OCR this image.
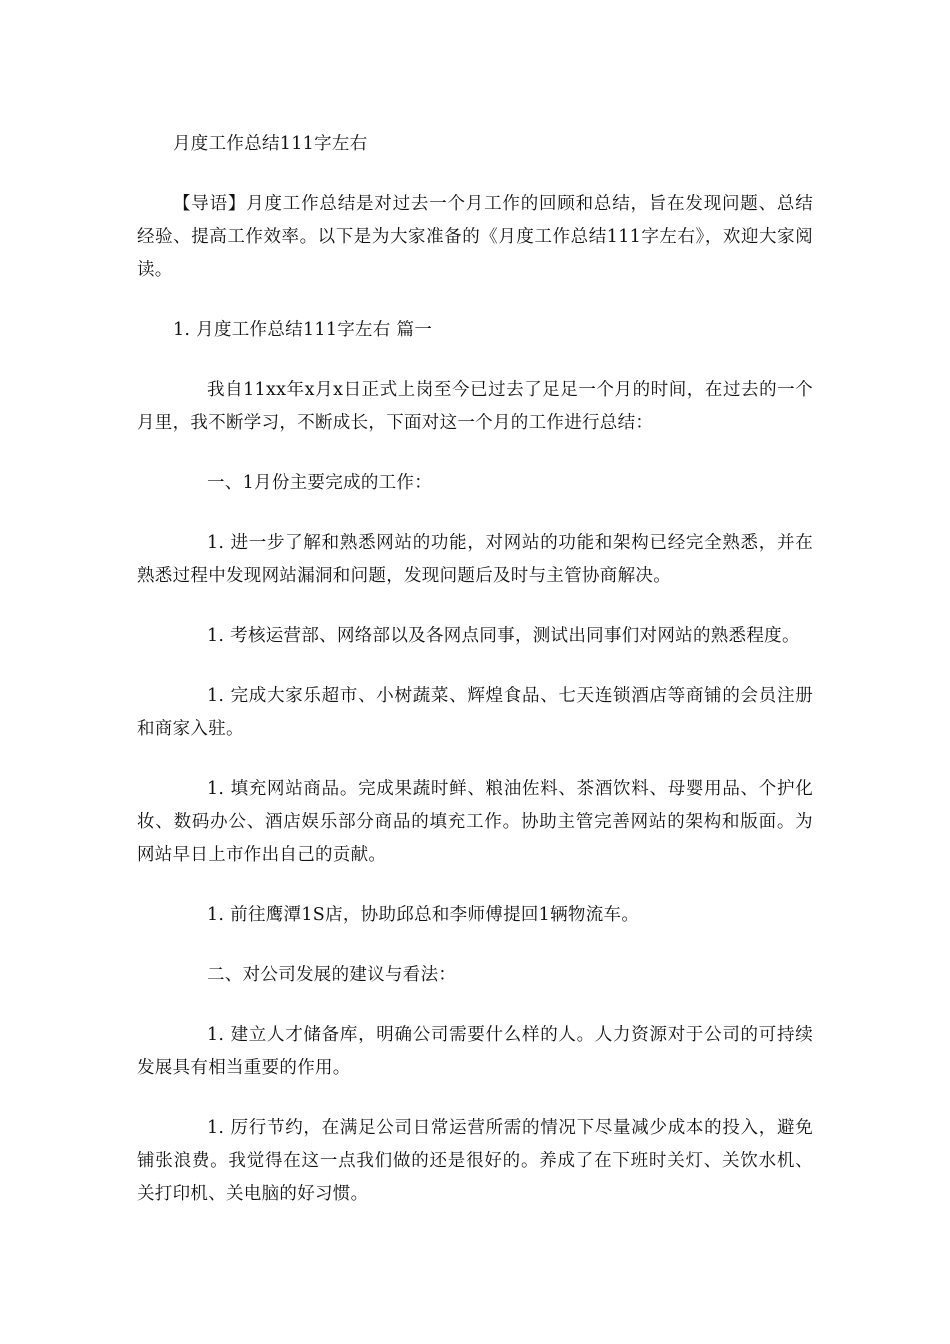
月度工作总结111字左右

【导语】月度工作总结是对过去一个月工作的回顾和总结，旨在发现问题、总结经验、提高工作效率。以下是为大家准备的《月度工作总结111字左右》，欢迎大家阅读。

1. 月度工作总结111字左右 篇一

我自11xx年x月x日正式上岗至今已过去了足足一个月的时间，在过去的一个月里，我不断学习，不断成长，下面对这一个月的工作进行总结：

一、1月份主要完成的工作：

1. 进一步了解和熟悉网站的功能，对网站的功能和架构已经完全熟悉，并在熟悉过程中发现网站漏洞和问题，发现问题后及时与主管协商解决。

1. 考核运营部、网络部以及各网点同事，测试出同事们对网站的熟悉程度。

1. 完成大家乐超市、小树蔬菜、辉煌食品、七天连锁酒店等商铺的会员注册和商家入驻。

1. 填充网站商品。完成果蔬时鲜、粮油佐料、茶酒饮料、母婴用品、个护化妆、数码办公、酒店娱乐部分商品的填充工作。协助主管完善网站的架构和版面。为网站早日上市作出自己的贡献。

1. 前往鹰潭1S店，协助邱总和李师傅提回1辆物流车。

二、对公司发展的建议与看法：

1. 建立人才储备库，明确公司需要什么样的人。人力资源对于公司的可持续发展具有相当重要的作用。

1. 厉行节约，在满足公司日常运营所需的情况下尽量减少成本的投入，避免铺张浪费。我觉得在这一点我们做的还是很好的。养成了在下班时关灯、关饮水机、关打印机、关电脑的好习惯。
